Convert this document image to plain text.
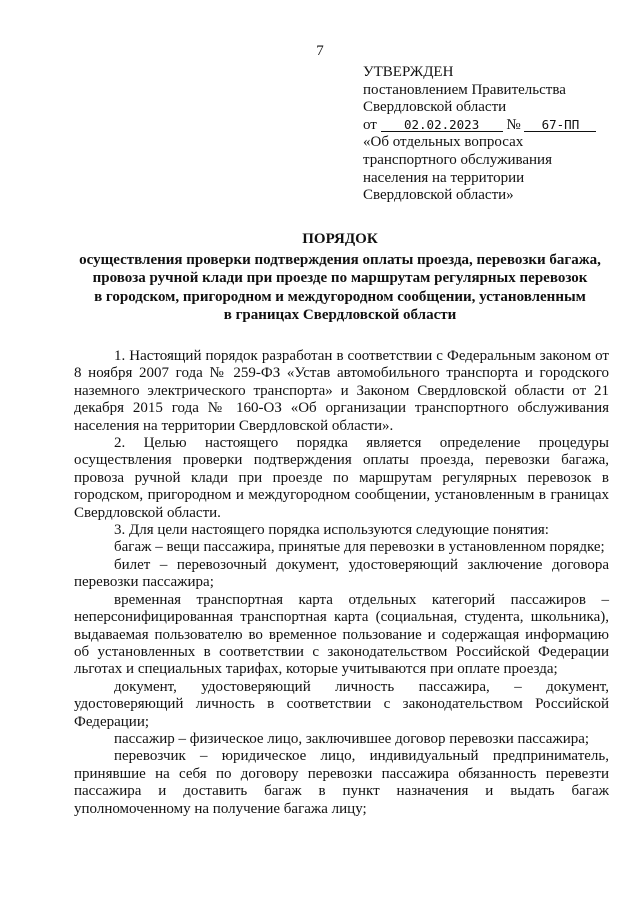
7
УТВЕРЖДЕН
постановлением Правительства
Свердловской области
от 02.02.2023 № 67-ПП
«Об отдельных вопросах
транспортного обслуживания
населения на территории
Свердловской области»
ПОРЯДОК
осуществления проверки подтверждения оплаты проезда, перевозки багажа,
провоза ручной клади при проезде по маршрутам регулярных перевозок
в городском, пригородном и междугородном сообщении, установленным
в границах Свердловской области

1. Настоящий порядок разработан в соответствии с Федеральным законом от 8 ноября 2007 года № 259-ФЗ «Устав автомобильного транспорта и городского наземного электрического транспорта» и Законом Свердловской области от 21 декабря 2015 года № 160-ОЗ «Об организации транспортного обслуживания населения на территории Свердловской области».

2. Целью настоящего порядка является определение процедуры осуществления проверки подтверждения оплаты проезда, перевозки багажа, провоза ручной клади при проезде по маршрутам регулярных перевозок в городском, пригородном и междугородном сообщении, установленным в границах Свердловской области.

3. Для цели настоящего порядка используются следующие понятия:

багаж – вещи пассажира, принятые для перевозки в установленном порядке;

билет – перевозочный документ, удостоверяющий заключение договора перевозки пассажира;

временная транспортная карта отдельных категорий пассажиров – неперсонифицированная транспортная карта (социальная, студента, школьника), выдаваемая пользователю во временное пользование и содержащая информацию об установленных в соответствии с законодательством Российской Федерации льготах и специальных тарифах, которые учитываются при оплате проезда;

документ, удостоверяющий личность пассажира, – документ, удостоверяющий личность в соответствии с законодательством Российской Федерации;

пассажир – физическое лицо, заключившее договор перевозки пассажира;

перевозчик – юридическое лицо, индивидуальный предприниматель, принявшие на себя по договору перевозки пассажира обязанность перевезти пассажира и доставить багаж в пункт назначения и выдать багаж уполномоченному на получение багажа лицу;
